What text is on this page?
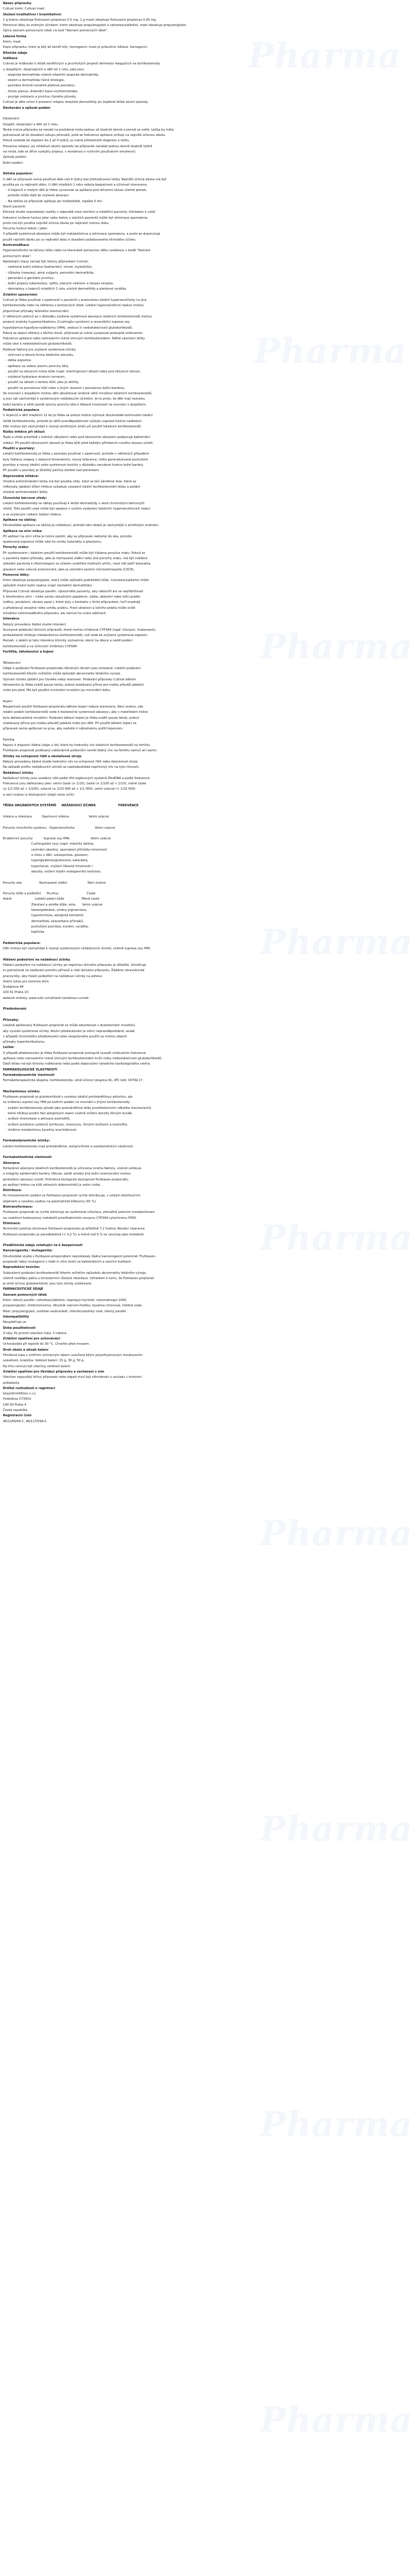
Název přípravku
Cutivat krém, Cutivat mast
Složení kvalitativní i kvantitativní
1 g krému obsahuje fluticasoni propionas 0,5 mg, 1 g masti obsahuje fluticasoni propionas 0,05 mg.
Pomocné látky se známým účinkem: krém obsahuje propylenglykol a cetostearylalkohol, mast obsahuje propylenglykol.
Úplný seznam pomocných látek viz bod "Seznam pomocných látek".
Léková forma
Krém, mast
Popis přípravku: krém je bílý až téměř bílý, homogenní; mast je průsvitná, bělavá, homogenní.
Klinické údaje
Indikace
Cutivat je indikován k léčbě zánětlivých a pruritických projevů dermatóz reagujících na kortikosteroidy
u dospělých, dospívajících a dětí od 1 roku, jako jsou:
- atopická dermatitida včetně infantilní atopické dermatitidy,
- ekzém a dermatitida různé etiologie,
- psoriáza (kromě rozsáhlé plakové psoriázy),
- lichen planus, diskoidní lupus erythematodes,
- prurigo nodularis a pruritus různého původu.
Cutivat je dále určen k prevenci relapsu atopické dermatitidy po úspěšné léčbě akutní epizody.
Dávkování a způsob podání
Dávkování:
Dospělí, dospívající a děti od 1 roku:
Tenká vrstva přípravku se nanáší na postižená místa jednou až dvakrát denně a jemně se vetře. Léčba by měla
pokračovat až do dosažení ústupu příznaků, poté se frekvence aplikace snižuje na nejnižší účinnou dávku.
Pokud nedojde ke zlepšení do 2 až 4 týdnů, je nutné přehodnotit diagnózu a léčbu.
Prevence relapsu: po zvládnutí akutní epizody lze přípravek nanášet jednou denně dvakrát týdně
na místa, kde se dříve vyskytly projevy, v kombinaci s rutinním používáním emoliencií.
Způsob podání:
Kožní podání.
Dětská populace:
U dětí se přípravek nemá používat déle než 4 týdny bez přehodnocení léčby. Nejnižší účinná dávka má být
použita po co nejkratší dobu. U dětí mladších 1 roku nebyla bezpečnost a účinnost stanovena.
- U kojenců a malých dětí je třeba vyvarovat se aplikace pod okluzivní obvaz včetně plenek,
protože může dojít ke zvýšené absorpci.
- Na obličej se přípravek aplikuje jen krátkodobě, nejdéle 5 dní.
Starší pacienti:
Klinické studie neprokázaly rozdíly v odpovědi mezi staršími a mladšími pacienty. Vzhledem k vyšší
frekvenci snížené funkce jater nebo ledvin u starších pacientů může být eliminace zpomalena,
proto má být použita nejnižší účinná dávka po nejkratší nutnou dobu.
Porucha funkce ledvin / jater:
V případě systémové absorpce může být metabolismus a eliminace zpomaleny, a proto se doporučuje
použít nejnižší dávku po co nejkratší dobu k dosažení požadovaného klinického účinku.
Kontraindikace
Hypersenzitivita na léčivou látku nebo na kteroukoli pomocnou látku uvedenou v bodě "Seznam
pomocných látek".
Následující stavy nemají být léčeny přípravkem Cutivat:
- neléčené kožní infekce (bakteriální, virové, mykotické),
- růžovka (rosacea), akné vulgaris, periorální dermatitida,
- perianální a genitální pruritus,
- kožní projevy tuberkulózy, syfilis, planých neštovic a herpes simplex,
- dermatózy u kojenců mladších 1 roku včetně dermatitidy a plenkové vyrážky.
Zvláštní upozornění
Cutivat je třeba používat s opatrností u pacientů s anamnézou lokální hypersenzitivity na jiné
kortikosteroidy nebo na některou z pomocných látek. Lokální hypersenzitivní reakce mohou
připomínat příznaky léčeného onemocnění.
U některých jedinců se v důsledku zvýšené systémové absorpce lokálních kortikosteroidů mohou
projevit známky hyperkortikalismu (Cushingův syndrom) a reverzibilní suprese osy
hypotalamus-hypofýza-nadledviny (HPA), vedoucí k nedostatečnosti glukokortikoidů.
Pokud se objeví některý z těchto stavů, přípravek je nutné vysazovat postupně snižováním
frekvence aplikace nebo nahrazením méně účinným kortikosteroidem. Náhlé ukončení léčby
může vést k nedostatečnosti glukokortikoidů.
Rizikové faktory pro zvýšené systémové účinky:
- účinnost a léková forma lokálního steroidu,
- délka expozice,
- aplikace na velkou plochu povrchu těla,
- použití na okluzivní místa kůže (např. intertriginózní oblasti nebo pod okluzivní obvaz),
- zvýšená hydratace stratum corneum,
- použití na oblasti s tenkou kůží, jako je obličej,
- použití na porušenou kůži nebo v jiných stavech s porušenou kožní bariérou.
Ve srovnání s dospělými mohou děti absorbovat úměrně větší množství lokálních kortikosteroidů,
a jsou tak náchylnější k systémovým nežádoucím účinkům. Je to proto, že děti mají nezralou
kožní bariéru a větší poměr plochy povrchu těla k tělesné hmotnosti ve srovnání s dospělými.
Pediatrická populace
U kojenců a dětí mladších 12 let je třeba se pokud možno vyhnout dlouhodobé kontinuální lokální
léčbě kortikosteroidy, protože je větší pravděpodobnost výskytu suprese funkce nadledvin.
Děti mohou být náchylnější k rozvoji atrofických změn při použití lokálních kortikosteroidů.
Riziko infekce při okluzi:
Teplé a vlhké prostředí v kožních záhybech nebo pod okluzivním obvazem podporuje bakteriální
infekci. Při použití okluzivních obvazů je třeba kůži před každým přiložením nového obvazu očistit.
Použití u psoriázy:
Lokální kortikosteroidy je třeba u psoriázy používat s opatrností, protože v některých případech
byly hlášeny relapsy s rebound fenoménem, rozvoj tolerance, riziko generalizované pustulózní
psoriázy a rozvoj lokální nebo systémové toxicity v důsledku narušené funkce kožní bariéry.
Při použití u psoriázy je důležitý pečlivý dohled nad pacientem.
Doprovodná infekce:
Vhodná antimikrobiální léčba má být použita vždy, když se léčí zánětlivé léze, které se
infikovaly. Jakékoli šíření infekce vyžaduje vysazení lokální kortikosteroidní léčby a podání
vhodné antimikrobiální léčby.
Chronické bércové vředy:
Lokální kortikosteroidy se někdy používají k léčbě dermatitidy v okolí chronických bércových
vředů. Toto použití však může být spojeno s vyšším výskytem lokálních hypersenzitivních reakcí
a se zvýšeným rizikem lokální infekce.
Aplikace na obličej:
Dlouhodobá aplikace na obličej je nežádoucí, protože tato oblast je náchylnější k atrofickým změnám.
Aplikace na oční víčka:
Při aplikaci na oční víčka je nutné zajistit, aby se přípravek nedostal do oka, protože
opakovaná expozice může vést ke vzniku katarakty a glaukomu.
Poruchy zraku:
Při systémovém i lokálním použití kortikosteroidů může být hlášena porucha zraku. Pokud se
u pacienta objeví příznaky, jako je rozmazané vidění nebo jiné poruchy zraku, má být zváženo
odeslání pacienta k oftalmologovi za účelem vyšetření možných příčin, mezi něž patří katarakta,
glaukom nebo vzácná onemocnění, jako je centrální serózní chorioretinopatie (CSCR).
Pomocné látky:
Krém obsahuje propylenglykol, který může způsobit podráždění kůže. Cetostearylalkohol může
způsobit místní kožní reakce (např. kontaktní dermatitidu).
Přípravek Cutivat obsahuje parafin. Upozorněte pacienty, aby nekouřili ani se nepřibližovali
k otevřenému ohni – riziko vzniku závažných popálenin. Látka, oblečení nebo ložní prádlo
(oděvy, povlečení, obvazy apod.), které byly v kontaktu s tímto přípravkem, hoří snadněji
a představují závažné riziko vzniku požáru. Praní oblečení a ložního prádla může snížit
množství nahromaděného přípravku, ale nemusí ho zcela odstranit.
Interakce
Nebyly provedeny žádné studie interakcí.
Současné podávání léčivých přípravků, které mohou inhibovat CYP3A4 (např. ritonavir, itrakonazol),
prokazatelně inhibuje metabolismus kortikosteroidů, což vede ke zvýšené systémové expozici.
Rozsah, v jakém je tato interakce klinicky významná, závisí na dávce a cestě podání
kortikosteroidů a na účinnosti inhibitoru CYP3A4.
Fertilita, těhotenství a kojení
Těhotenství
Údaje o podávání flutikason-propionátu těhotným ženám jsou omezené. Lokální podávání
kortikosteroidů březím zvířatům může způsobit abnormality fetálního vývoje.
Význam tohoto zjištění pro člověka nebyl stanoven. Podávání přípravku Cutivat během
těhotenství je třeba zvážit pouze tehdy, pokud očekávaný přínos pro matku převáží jakékoli
riziko pro plod. Má být použito minimální množství po minimální dobu.
Kojení
Bezpečnost použití flutikason-propionátu během kojení nebyla stanovena. Není známo, zda
lokální podání kortikosteroidů vede k dostatečné systémové absorpci, aby v mateřském mléce
byla detekovatelná množství. Podávání během kojení je třeba zvážit pouze tehdy, pokud
očekávaný přínos pro matku převáží jakékoli riziko pro dítě. Při použití během kojení se
přípravek nemá aplikovat na prsa, aby nedošlo k náhodnému požití kojencem.
Fertilita
Nejsou k dispozici žádné údaje u lidí, které by hodnotily vliv lokálních kortikosteroidů na fertilitu.
Flutikason-propionát podávaný subkutánně potkanům neměl žádný vliv na fertilitu samců ani samic.
Účinky na schopnost řídit a obsluhovat stroje
Nebyly provedeny žádné studie hodnotící vliv na schopnost řídit nebo obsluhovat stroje.
Na základě profilu nežádoucích účinků se nepředpokládá nepříznivý vliv na tyto činnosti.
Nežádoucí účinky
Nežádoucí účinky jsou uvedeny níže podle tříd orgánových systémů MedDRA a podle frekvence.
Frekvence jsou definovány jako: velmi časté (≥ 1/10), časté (≥ 1/100 až < 1/10), méně časté
(≥ 1/1 000 až < 1/100), vzácné (≥ 1/10 000 až < 1/1 000), velmi vzácné (< 1/10 000)
a není známo (z dostupných údajů nelze určit).
TŘÍDA ORGÁNOVÝCH SYSTÉMŮ     NEŽÁDOUCÍ ÚČINEK                     FREKVENCE
Infekce a infestace          Oportunní infekce                    Velmi vzácné
Poruchy imunitního systému   Hypersenzitivita                     Velmi vzácné
Endokrinní poruchy           Suprese osy HPA:                     Velmi vzácné
Cushingoidní rysy (např. měsíčitý obličej,
centrální obezita), zpomalení přírůstku hmotnosti
a růstu u dětí, osteoporóza, glaukom,
hyperglykémie/glukosurie, katarakta,
hypertenze, zvýšení tělesné hmotnosti /
obezita, snížení hladin endogenního kortizolu
Poruchy oka                  Rozmazané vidění                     Není známo
Poruchy kůže a podkožní      Pruritus                             Časté
tkáně                        Lokální pálení kůže                  Méně časté
Ztenčení a atrofie kůže, strie,      Velmi vzácné
teleangiektázie, změny pigmentace,
hypertrichóza, alergická kontaktní
dermatitida, exacerbace příznaků,
pustulózní psoriáza, erytém, vyrážka,
kopřivka
Pediatrická populace:
Děti mohou být náchylnější k rozvoji systémových nežádoucích účinků, včetně suprese osy HPA.
Hlášení podezření na nežádoucí účinky
Hlášení podezření na nežádoucí účinky po registraci léčivého přípravku je důležité. Umožňuje
to pokračovat ve sledování poměru přínosů a rizik léčivého přípravku. Žádáme zdravotnické
pracovníky, aby hlásili podezření na nežádoucí účinky na adresu:
Státní ústav pro kontrolu léčiv
Šrobárova 48
100 41 Praha 10
webové stránky: www.sukl.cz/nahlasit-nezadouci-ucinek
Předávkování
Příznaky:
Lokálně aplikovaný flutikason-propionát se může absorbovat v dostatečném množství,
aby vyvolal systémové účinky. Akutní předávkování je velmi nepravděpodobné, avšak
v případě chronického předávkování nebo nesprávného použití se mohou objevit
příznaky hyperkortikalismu.
Léčba:
V případě předávkování je třeba flutikason-propionát postupně vysadit snižováním frekvence
aplikace nebo nahrazením méně účinným kortikosteroidem kvůli riziku nedostatečnosti glukokortikoidů.
Další léčba má být klinicky indikovaná nebo podle doporučení národního toxikologického centra.
FARMAKOLOGICKÉ VLASTNOSTI
Farmakodynamické vlastnosti
Farmakoterapeutická skupina: kortikosteroidy, silně účinné (skupina III), ATC kód: D07AC17.
Mechanismus účinku:
Flutikason-propionát je glukokortikoid s vysokou lokální protizánětlivou aktivitou, ale
se sníženou supresí osy HPA po kožním podání ve srovnání s jinými kortikosteroidy.
- Lokální kortikosteroidy působí jako protizánětlivé látky prostřednictvím několika mechanismů,
které inhibují pozdní fázi alergických reakcí včetně snížení denzity žírných buněk,
- snížení chemotaxe a aktivace eozinofilů,
- snížení produkce cytokinů lymfocyty, monocyty, žírnými buňkami a eozinofily,
- inhibice metabolismu kyseliny arachidonové.
Farmakodynamické účinky:
Lokální kortikosteroidy mají protizánětlivé, antipruritické a vazokonstrikční vlastnosti.
Farmakokinetické vlastnosti
Absorpce:
Perkutánní absorpce lokálních kortikosteroidů je určována mnoha faktory, včetně vehikula
a integrity epidermální bariéry. Okluze, zánět a/nebo jiná kožní onemocnění mohou
perkutánní absorpci zvýšit. Průměrná biologická dostupnost flutikason-propionátu
po aplikaci krému na kůži zdravých dobrovolníků je velmi nízká.
Distribuce:
Po intravenózním podání se flutikason-propionát rychle distribuuje, s velkým distribučním
objemem a vysokou vazbou na plazmatické bílkoviny (91 %).
Biotransformace:
Flutikason-propionát se rychle eliminuje ze systémové cirkulace, převážně jaterním metabolismem
na neaktivní karboxylový metabolit prostřednictvím enzymu CYP3A4 cytochromu P450.
Eliminace:
Terminální poločas eliminace flutikason-propionátu je přibližně 7,2 hodiny. Renální clearance
flutikason-propionátu je zanedbatelná (< 0,2 %) a méně než 5 % se vylučuje jako metabolit.
Předklinické údaje vztahující se k bezpečnosti
Kancerogenita / mutagenita:
Dlouhodobé studie s flutikason-propionátem neprokázaly žádný kancerogenní potenciál. Flutikason-
propionát nebyl mutagenní v řadě in vitro testů na bakteriálních a savčích buňkách.
Reprodukční toxicita:
Subkutánní podávání kortikosteroidů březím zvířatům způsobilo abnormality fetálního vývoje,
včetně rozštěpu patra a intrauterinní růstové retardace. Vzhledem k tomu, že flutikason-propionát
je silně účinný glukokortikoid, jsou tyto účinky očekávané.
FARMACEUTICKÉ ÚDAJE
Seznam pomocných látek
Krém: tekutý parafin, cetostearylalkohol, isopropyl-myristát, cetomakrogol 1000,
propylenglykol, imidomočovina, dihydrát natrium-fosfátu, kyselina citronová, čištěná voda.
Mast: propylenglykol, sorbitan-seskvioleát, mikrokrystalický vosk, tekutý parafin.
Inkompatibility
Neuplatňuje se.
Doba použitelnosti
3 roky. Po prvním otevření tuby: 3 měsíce.
Zvláštní opatření pro uchovávání
Uchovávejte při teplotě do 30 °C. Chraňte před mrazem.
Druh obalu a obsah balení
Hliníková tuba s vnitřním ochranným lakem uzavřená bílým polyethylenovým šroubovacím
uzávěrem, krabička. Velikost balení: 15 g, 30 g, 50 g.
Na trhu nemusí být všechny velikosti balení.
Zvláštní opatření pro likvidaci přípravku a zacházení s ním
Všechen nepoužitý léčivý přípravek nebo odpad musí být zlikvidován v souladu s místními
požadavky.
Držitel rozhodnutí o registraci
GlaxoSmithKline s.r.o.
Hvězdova 1734/2c
140 00 Praha 4
Česká republika
Registrační číslo
46/1169/94-C, 46/1170/94-C
Pharma
Pharma
Pharma
Pharma
Pharma
Pharma
Pharma
Pharma
Pharma
